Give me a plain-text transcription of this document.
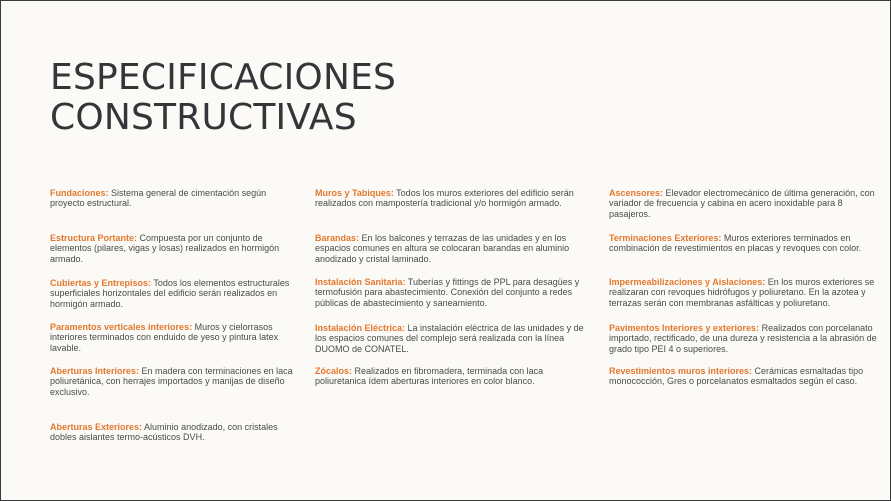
ESPECIFICACIONES
CONSTRUCTIVAS

Fundaciones: Sistema general de cimentación según proyecto estructural.

Estructura Portante: Compuesta por un conjunto de elementos (pilares, vigas y losas) realizados en hormigón armado.

Cubiertas y Entrepisos: Todos los elementos estructurales superficiales horizontales del edificio serán realizados en hormigón armado.

Paramentos verticales interiores: Muros y cielorrasos interiores terminados con enduido de yeso y pintura latex lavable.

Aberturas Interiores: En madera con terminaciones en laca poliuretánica, con herrajes importados y manijas de diseño exclusivo.

Aberturas Exteriores: Aluminio anodizado, con cristales dobles aislantes termo-acústicos DVH.

Muros y Tabiques: Todos los muros exteriores del edificio serán realizados con mampostería tradicional y/o hormigón armado.

Barandas: En los balcones y terrazas de las unidades y en los espacios comunes en altura se colocaran barandas en aluminio anodizado y cristal laminado.

Instalación Sanitaria: Tuberías y fittings de PPL para desagües y termofusión para abastecimiento. Conexión del conjunto a redes públicas de abastecimiento y saneamiento.

Instalación Eléctrica: La instalación eléctrica de las unidades y de los espacios comunes del complejo será realizada con la línea DUOMO de CONATEL.

Zócalos: Realizados en fibromadera, terminada con laca poliuretanica ídem aberturas interiores en color blanco.

Ascensores: Elevador electromecánico de última generación, con variador de frecuencia y cabina en acero inoxidable para 8 pasajeros.

Terminaciones Exteriores: Muros exteriores terminados en combinación de revestimientos en placas y revoques con color.

Impermeabilizaciones y Aislaciones: En los muros exteriores se realizaran con revoques hidrófugos y poliuretano. En la azotea y terrazas serán con membranas asfálticas y poliuretano.

Pavimentos Interiores y exteriores: Realizados con porcelanato importado, rectificado, de una dureza y resistencia a la abrasión de grado tipo PEI 4 o superiores.

Revestimientos muros interiores: Cerámicas esmaltadas tipo monococción, Gres o porcelanatos esmaltados según el caso.
